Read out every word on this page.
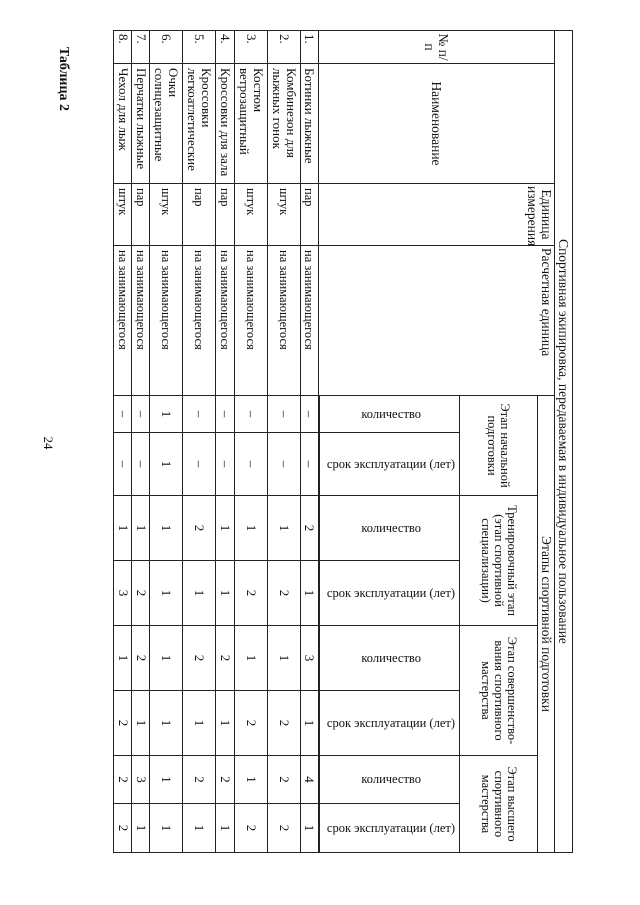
24
Таблица 2
Спортивная экипировка, передаваемая в индивидуальное пользование											
№ п/п	Наименование	Единица измерения	Расчетная единица	Этапы спортивной подготовки							
				Этап начальной подготовки		Тренировочный этап (этап спортивной специализации)		Этап совершенство-вания спортивного мастерства		Этап высшего спортивного мастерства	
				количество	срок эксплуатации (лет)	количество	срок эксплуатации (лет)	количество	срок эксплуатации (лет)	количество	срок эксплуатации (лет)

1.	Ботинки лыжные	пар	на занимающегося	–	–	2	1	3	1	4	1
2.	Комбинезон для лыжных гонок	штук	на занимающегося	–	–	1	2	1	2	2	2
3.	Костюм ветрозащитный	штук	на занимающегося	–	–	1	2	1	2	1	2
4.	Кроссовки для зала	пар	на занимающегося	–	–	1	1	2	1	2	1
5.	Кроссовки легкоатлетические	пар	на занимающегося	–	–	2	1	2	1	2	1
6.	Очки солнцезащитные	штук	на занимающегося	1	1	1	1	1	1	1	1
7.	Перчатки лыжные	пар	на занимающегося	–	–	1	2	2	1	3	1
8.	Чехол для лыж	штук	на занимающегося	–	–	1	3	1	2	2	2
